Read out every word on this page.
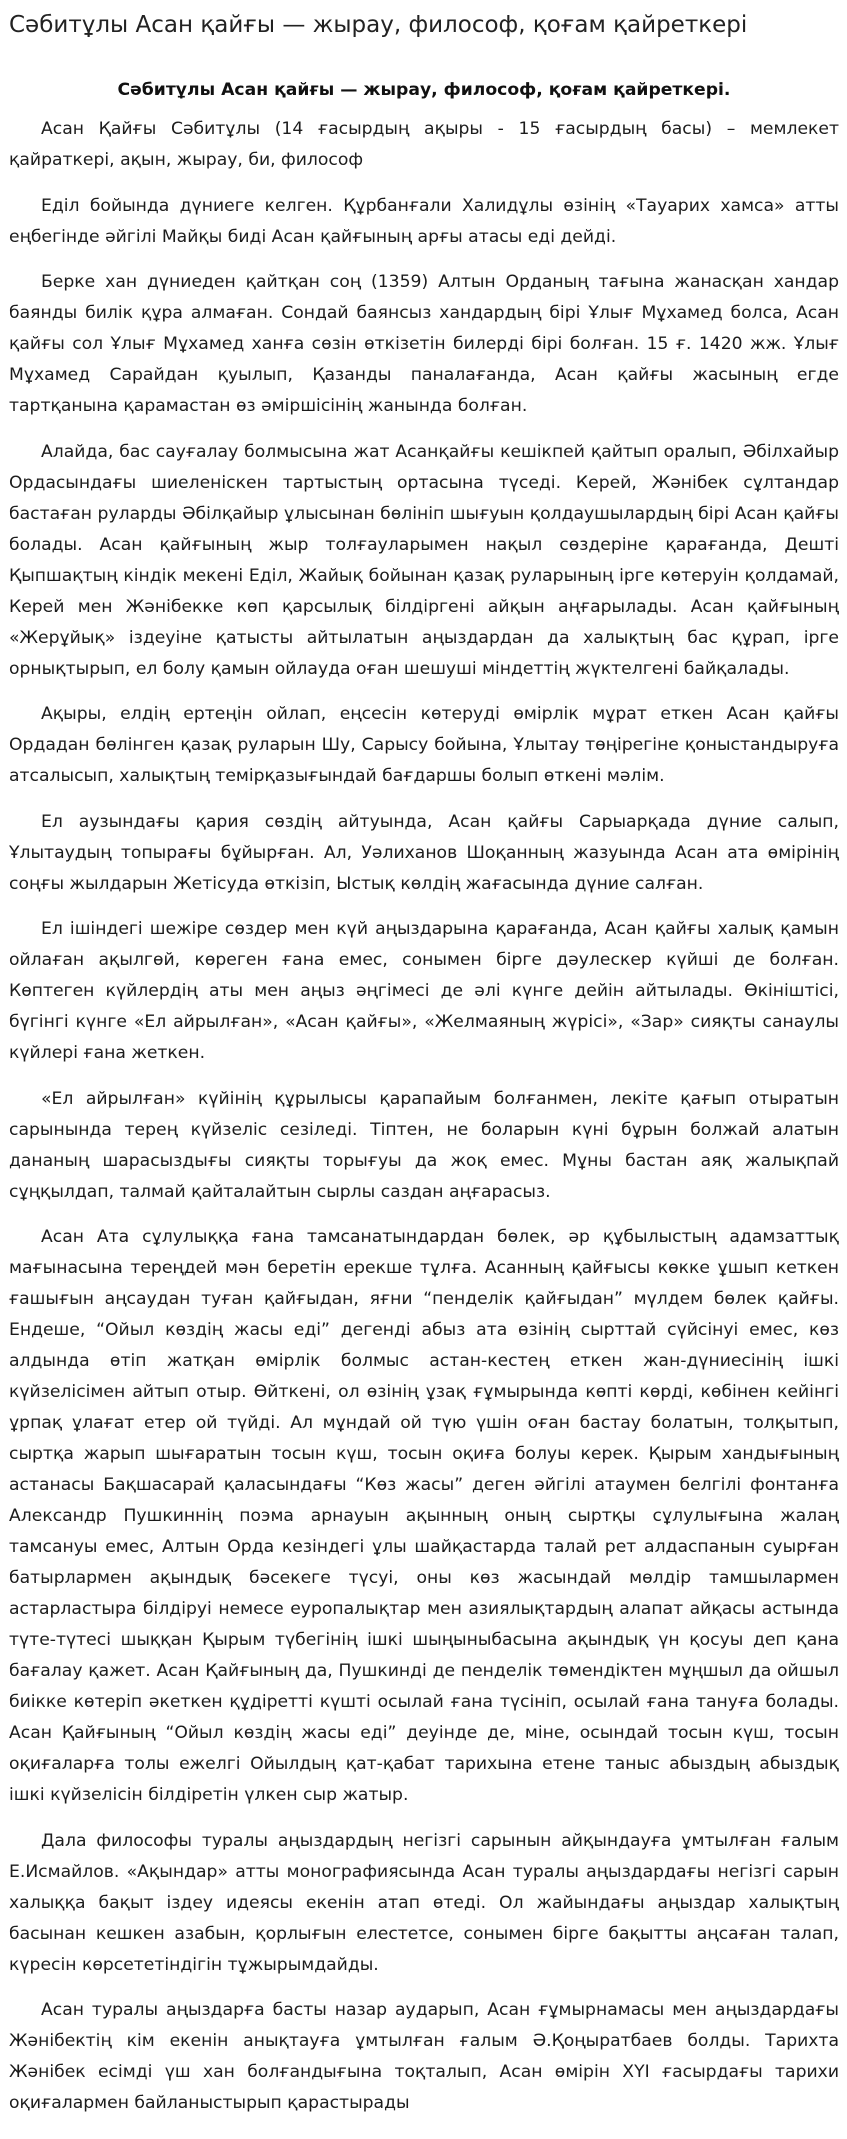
Сәбитұлы Асан қайғы — жырау, философ, қоғам қайреткері
Сәбитұлы Асан қайғы — жырау, философ, қоғам қайреткері.

Асан Қайғы Сәбитұлы (14 ғасырдың ақыры - 15 ғасырдың басы) – мемлекет қайраткері, ақын, жырау, би, философ

Еділ бойында дүниеге келген. Құрбанғали Халидұлы өзінің «Тауарих хамса» атты еңбегінде әйгілі Майқы биді Асан қайғының арғы атасы еді дейді.

Берке хан дүниеден қайтқан соң (1359) Алтын Орданың тағына жанасқан хандар баянды билік құра алмаған. Сондай баянсыз хандардың бірі Ұлығ Мұхамед болса, Асан қайғы сол Ұлығ Мұхамед ханға сөзін өткізетін билерді бірі болған. 15 ғ. 1420 жж. Ұлығ Мұхамед Сарайдан қуылып, Қазанды паналағанда, Асан қайғы жасының егде тартқанына қарамастан өз әміршісінің жанында болған.

Алайда, бас сауғалау болмысына жат Асанқайғы кешікпей қайтып оралып, Әбілхайыр Ордасындағы шиеленіскен тартыстың ортасына түседі. Керей, Жәнібек сұлтандар бастаған руларды Әбілқайыр ұлысынан бөлініп шығуын қолдаушылардың бірі Асан қайғы болады. Асан қайғының жыр толғауларымен нақыл сөздеріне қарағанда, Дешті Қыпшақтың кіндік мекені Еділ, Жайық бойынан қазақ руларының ірге көтеруін қолдамай, Керей мен Жәнібекке көп қарсылық білдіргені айқын аңғарылады. Асан қайғының «Жерұйық» іздеуіне қатысты айтылатын аңыздардан да халықтың бас құрап, ірге орнықтырып, ел болу қамын ойлауда оған шешуші міндеттің жүктелгені байқалады.

Ақыры, елдің ертеңін ойлап, еңсесін көтеруді өмірлік мұрат еткен Асан қайғы Ордадан бөлінген қазақ руларын Шу, Сарысу бойына, Ұлытау төңірегіне қоныстандыруға атсалысып, халықтың темірқазығындай бағдаршы болып өткені мәлім.

Ел аузындағы қария сөздің айтуында, Асан қайғы Сарыарқада дүние салып, Ұлытаудың топырағы бұйырған. Ал, Уәлиханов Шоқанның жазуында Асан ата өмірінің соңғы жылдарын Жетісуда өткізіп, Ыстық көлдің жағасында дүние салған.

Ел ішіндегі шежіре сөздер мен күй аңыздарына қарағанда, Асан қайғы халық қамын ойлаған ақылгөй, көреген ғана емес, сонымен бірге дәулескер күйші де болған. Көптеген күйлердің аты мен аңыз әңгімесі де әлі күнге дейін айтылады. Өкініштісі, бүгінгі күнге «Ел айрылған», «Асан қайғы», «Желмаяның жүрісі», «Зар» сияқты санаулы күйлері ғана жеткен.

«Ел айрылған» күйінің құрылысы қарапайым болғанмен, лекіте қағып отыратын сарынында терең күйзеліс сезіледі. Тіптен, не боларын күні бұрын болжай алатын дананың шарасыздығы сияқты торығуы да жоқ емес. Мұны бастан аяқ жалықпай сұңқылдап, талмай қайталайтын сырлы саздан аңғарасыз.

Асан Ата сұлулыққа ғана тамсанатындардан бөлек, әр құбылыстың адамзаттық мағынасына тереңдей мән беретін ерекше тұлға. Асанның қайғысы көкке ұшып кеткен ғашығын аңсаудан туған қайғыдан, яғни “пенделік қайғыдан” мүлдем бөлек қайғы. Ендеше, “Ойыл көздің жасы еді” дегенді абыз ата өзінің сырттай сүйсінуі емес, көз алдында өтіп жатқан өмірлік болмыс астан-кестең еткен жан-дүниесінің ішкі күйзелісімен айтып отыр. Өйткені, ол өзінің ұзақ ғұмырында көпті көрді, көбінен кейінгі ұрпақ ұлағат етер ой түйді. Ал мұндай ой түю үшін оған бастау болатын, толқытып, сыртқа жарып шығаратын тосын күш, тосын оқиға болуы керек. Қырым хандығының астанасы Бақшасарай қаласындағы “Көз жасы” деген әйгілі атаумен белгілі фонтанға Александр Пушкиннің поэма арнауын ақынның оның сыртқы сұлулығына жалаң тамсануы емес, Алтын Орда кезіндегі ұлы шайқастарда талай рет алдаспанын суырған батырлармен ақындық бәсекеге түсуі, оны көз жасындай мөлдір тамшылармен астарластыра білдіруі немесе еуропалықтар мен азиялықтардың алапат айқасы астында түте-түтесі шыққан Қырым түбегінің ішкі шыңыныбасына ақындық үн қосуы деп қана бағалау қажет. Асан Қайғының да, Пушкинді де пенделік төмендіктен мұңшыл да ойшыл биікке көтеріп әкеткен құдіретті күшті осылай ғана түсініп, осылай ғана тануға болады. Асан Қайғының “Ойыл көздің жасы еді” деуінде де, міне, осындай тосын күш, тосын оқиғаларға толы ежелгі Ойылдың қат-қабат тарихына етене таныс абыздың абыздық ішкі күйзелісін білдіретін үлкен сыр жатыр.

Дала философы туралы аңыздардың негізгі сарынын айқындауға ұмтылған ғалым Е.Исмайлов. «Ақындар» атты монографиясында Асан туралы аңыздардағы негізгі сарын халыққа бақыт іздеу идеясы екенін атап өтеді. Ол жайындағы аңыздар халықтың басынан кешкен азабын, қорлығын елестетсе, сонымен бірге бақытты аңсаған талап, күресін көрсететіндігін тұжырымдайды.

Асан туралы аңыздарға басты назар аударып, Асан ғұмырнамасы мен аңыздардағы Жәнібектің кім екенін анықтауға ұмтылған ғалым Ә.Қоңыратбаев болды. Тарихта Жәнібек есімді үш хан болғандығына тоқталып, Асан өмірін XYI ғасырдағы тарихи оқиғалармен байланыстырып қарастырады
